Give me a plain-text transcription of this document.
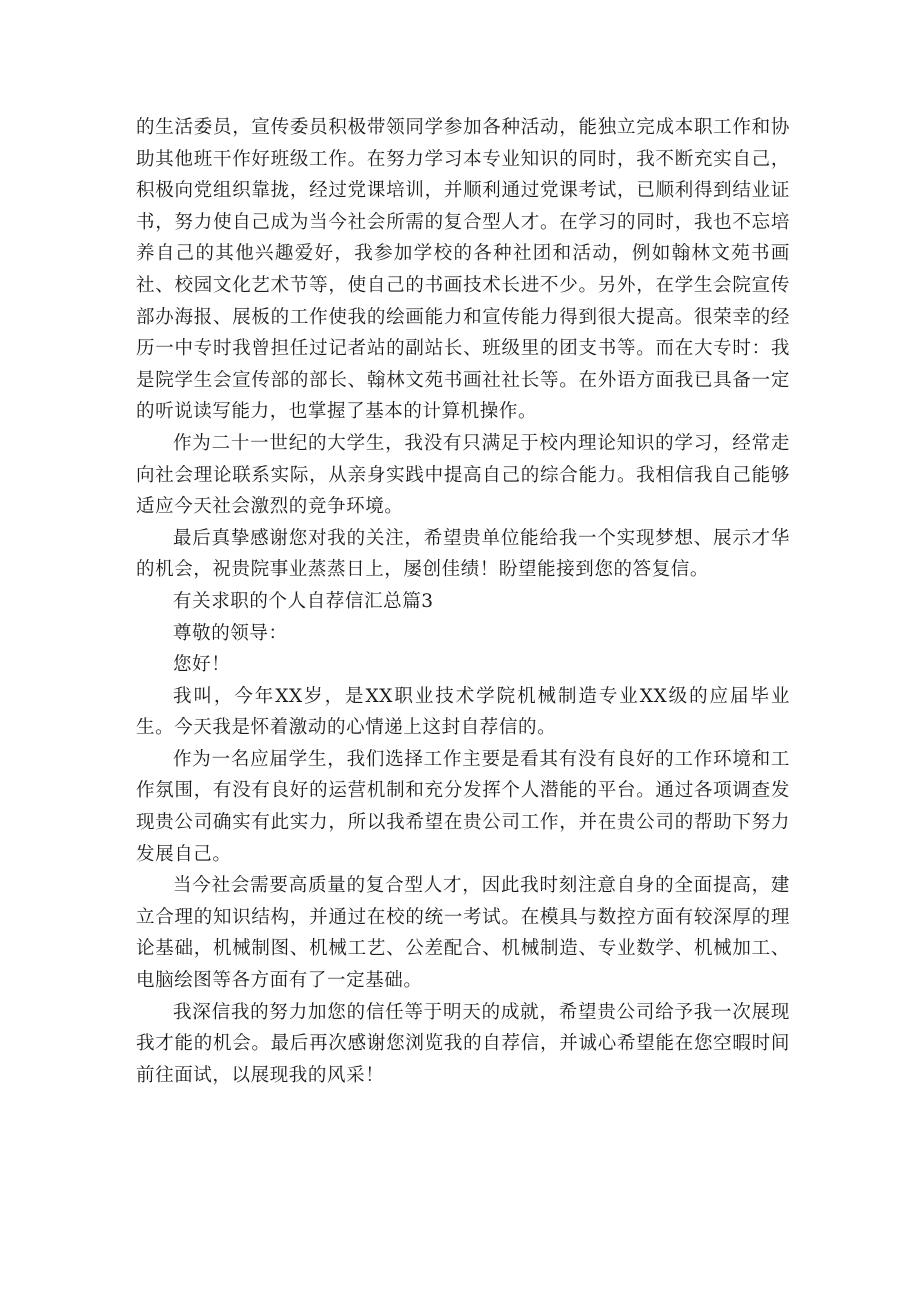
的生活委员，宣传委员积极带领同学参加各种活动，能独立完成本职工作和协助其他班干作好班级工作。在努力学习本专业知识的同时，我不断充实自己，积极向党组织靠拢，经过党课培训，并顺利通过党课考试，已顺利得到结业证书，努力使自己成为当今社会所需的复合型人才。在学习的同时，我也不忘培养自己的其他兴趣爱好，我参加学校的各种社团和活动，例如翰林文苑书画社、校园文化艺术节等，使自己的书画技术长进不少。另外，在学生会院宣传部办海报、展板的工作使我的绘画能力和宣传能力得到很大提高。很荣幸的经历一中专时我曾担任过记者站的副站长、班级里的团支书等。而在大专时：我是院学生会宣传部的部长、翰林文苑书画社社长等。在外语方面我已具备一定的听说读写能力，也掌握了基本的计算机操作。

作为二十一世纪的大学生，我没有只满足于校内理论知识的学习，经常走向社会理论联系实际，从亲身实践中提高自己的综合能力。我相信我自己能够适应今天社会激烈的竞争环境。

最后真挚感谢您对我的关注，希望贵单位能给我一个实现梦想、展示才华的机会，祝贵院事业蒸蒸日上，屡创佳绩！盼望能接到您的答复信。

有关求职的个人自荐信汇总篇3

尊敬的领导：

您好！

我叫，今年XX岁，是XX职业技术学院机械制造专业XX级的应届毕业生。今天我是怀着激动的心情递上这封自荐信的。

作为一名应届学生，我们选择工作主要是看其有没有良好的工作环境和工作氛围，有没有良好的运营机制和充分发挥个人潜能的平台。通过各项调查发现贵公司确实有此实力，所以我希望在贵公司工作，并在贵公司的帮助下努力发展自己。

当今社会需要高质量的复合型人才，因此我时刻注意自身的全面提高，建立合理的知识结构，并通过在校的统一考试。在模具与数控方面有较深厚的理论基础，机械制图、机械工艺、公差配合、机械制造、专业数学、机械加工、电脑绘图等各方面有了一定基础。

我深信我的努力加您的信任等于明天的成就，希望贵公司给予我一次展现我才能的机会。最后再次感谢您浏览我的自荐信，并诚心希望能在您空暇时间前往面试，以展现我的风采！
